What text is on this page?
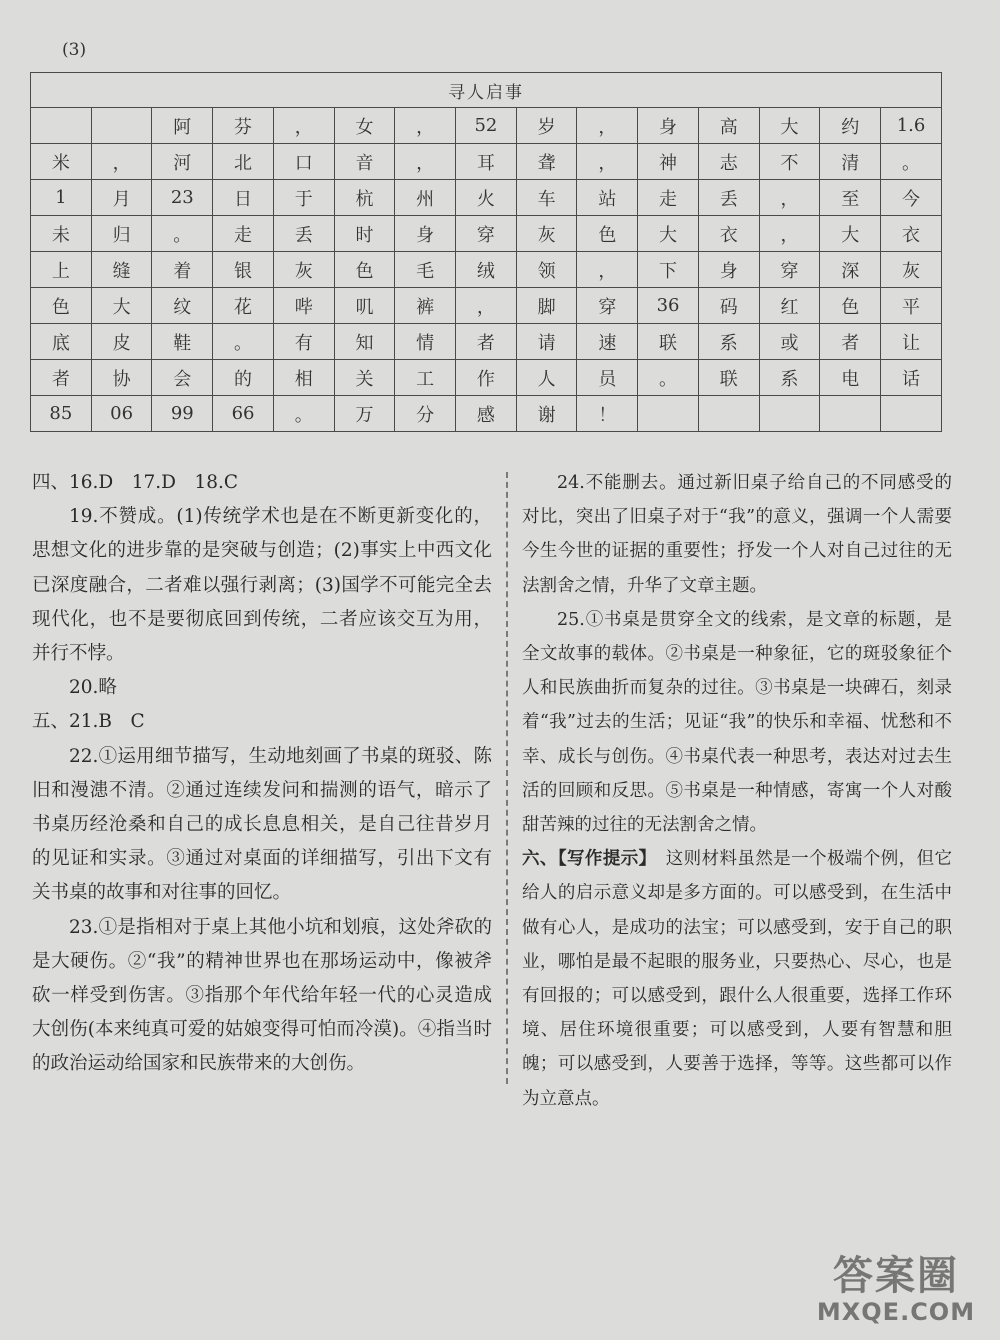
(3)
寻人启事														
		阿	芬	，	女	，	52	岁	，	身	高	大	约	1.6
米	，	河	北	口	音	，	耳	聋	，	神	志	不	清	。
1	月	23	日	于	杭	州	火	车	站	走	丢	，	至	今
未	归	。	走	丢	时	身	穿	灰	色	大	衣	，	大	衣
上	缝	着	银	灰	色	毛	绒	领	，	下	身	穿	深	灰
色	大	纹	花	哔	叽	裤	，	脚	穿	36	码	红	色	平
底	皮	鞋	。	有	知	情	者	请	速	联	系	或	者	让
者	协	会	的	相	关	工	作	人	员	。	联	系	电	话
85	06	99	66	。	万	分	感	谢	！					

四、16.D　17.D　18.C

19.不赞成。(1)传统学术也是在不断更新变化的，思想文化的进步靠的是突破与创造；(2)事实上中西文化已深度融合，二者难以强行剥离；(3)国学不可能完全去现代化，也不是要彻底回到传统，二者应该交互为用，并行不悖。

20.略

五、21.B　C

22.①运用细节描写，生动地刻画了书桌的斑驳、陈旧和漫漶不清。②通过连续发问和揣测的语气，暗示了书桌历经沧桑和自己的成长息息相关，是自己往昔岁月的见证和实录。③通过对桌面的详细描写，引出下文有关书桌的故事和对往事的回忆。

23.①是指相对于桌上其他小坑和划痕，这处斧砍的是大硬伤。②“我”的精神世界也在那场运动中，像被斧砍一样受到伤害。③指那个年代给年轻一代的心灵造成大创伤(本来纯真可爱的姑娘变得可怕而冷漠)。④指当时的政治运动给国家和民族带来的大创伤。

24.不能删去。通过新旧桌子给自己的不同感受的对比，突出了旧桌子对于“我”的意义，强调一个人需要今生今世的证据的重要性；抒发一个人对自己过往的无法割舍之情，升华了文章主题。

25.①书桌是贯穿全文的线索，是文章的标题，是全文故事的载体。②书桌是一种象征，它的斑驳象征个人和民族曲折而复杂的过往。③书桌是一块碑石，刻录着“我”过去的生活；见证“我”的快乐和幸福、忧愁和不幸、成长与创伤。④书桌代表一种思考，表达对过去生活的回顾和反思。⑤书桌是一种情感，寄寓一个人对酸甜苦辣的过往的无法割舍之情。

六、【写作提示】　 这则材料虽然是一个极端个例，但它给人的启示意义却是多方面的。可以感受到，在生活中做有心人，是成功的法宝；可以感受到，安于自己的职业，哪怕是最不起眼的服务业，只要热心、尽心，也是有回报的；可以感受到，跟什么人很重要，选择工作环境、居住环境很重要；可以感受到，人要有智慧和胆魄；可以感受到，人要善于选择，等等。这些都可以作为立意点。

答案圈
MXQE.COM
